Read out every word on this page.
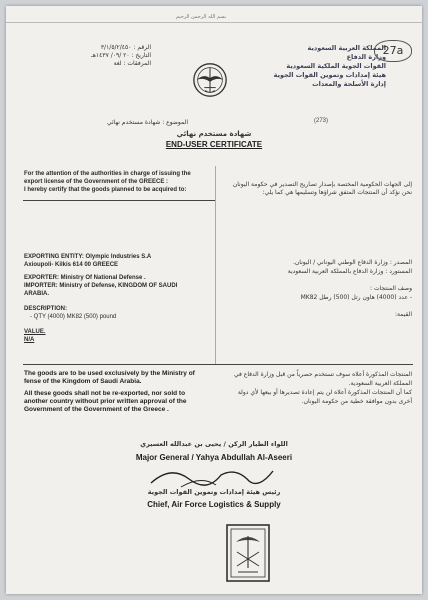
بسم الله الرحمن الرحيم
الرقم : ٣/١/٥/٢/٤٥٠
التاريخ : ٢٠ /٠٩/ ١٤٣٧هـ
المرفقات : لغة
المملكة العربية السعودية
وزارة الدفاع
القوات الجوية الملكية السعودية
هيئة إمدادات وتموين القوات الجوية
إدارة الأسلحة والمعدات
27a
(273)
الموضوع : شهادة مستخدم نهائي
شهادة مستخدم نهائي
END-USER CERTIFICATE
For the attention of the authorities in charge of issuing the
export license of the Government of the GREECE :
I hereby certify that the goods planned to be acquired to:
EXPORTING ENTITY: Olympic Industries S.A
Axioupoli- Kilkis 614 00 GREECE
EXPORTER: Ministry Of National Defense .
IMPORTER: Ministry of Defense, KINGDOM OF SAUDI
ARABIA.
DESCRIPTION:
- QTY (4000) MK82 (500) pound
VALUE.
N/A
إلى الجهات الحكومية المختصة بإصدار تصاريح التصدير في حكومة اليونان
نحن نؤكد أن المنتجات المتفق شراؤها وتسليمها هي كما يلي:
المصدر : وزارة الدفاع الوطني اليوناني / اليونان.
المستورد : وزارة الدفاع بالمملكة العربية السعودية
وصف المنتجات :
- عدد (4000) هاون رتل (500) رطل MK82
القيمة:
The goods are to be used exclusively by the Ministry of
fense of the Kingdom of Saudi Arabia.
All these goods shall not be re-exported, nor sold to
another country without prior written approval of the
Government of the Government of the Greece .
المنتجات المذكورة أعلاه سوف تستخدم حصرياً من قبل وزارة الدفاع في
المملكة العربية السعودية.
كما أن المنتجات المذكورة أعلاه لن يتم إعادة تصديرها أو بيعها لأي دولة
أخرى بدون موافقة خطية من حكومة اليونان.
اللواء الطيار الركن / يحيى بن عبدالله العسيري
Major General / Yahya Abdullah Al-Aseeri
رئيس هيئة إمدادات وتموين القوات الجوية
Chief, Air Force Logistics & Supply
